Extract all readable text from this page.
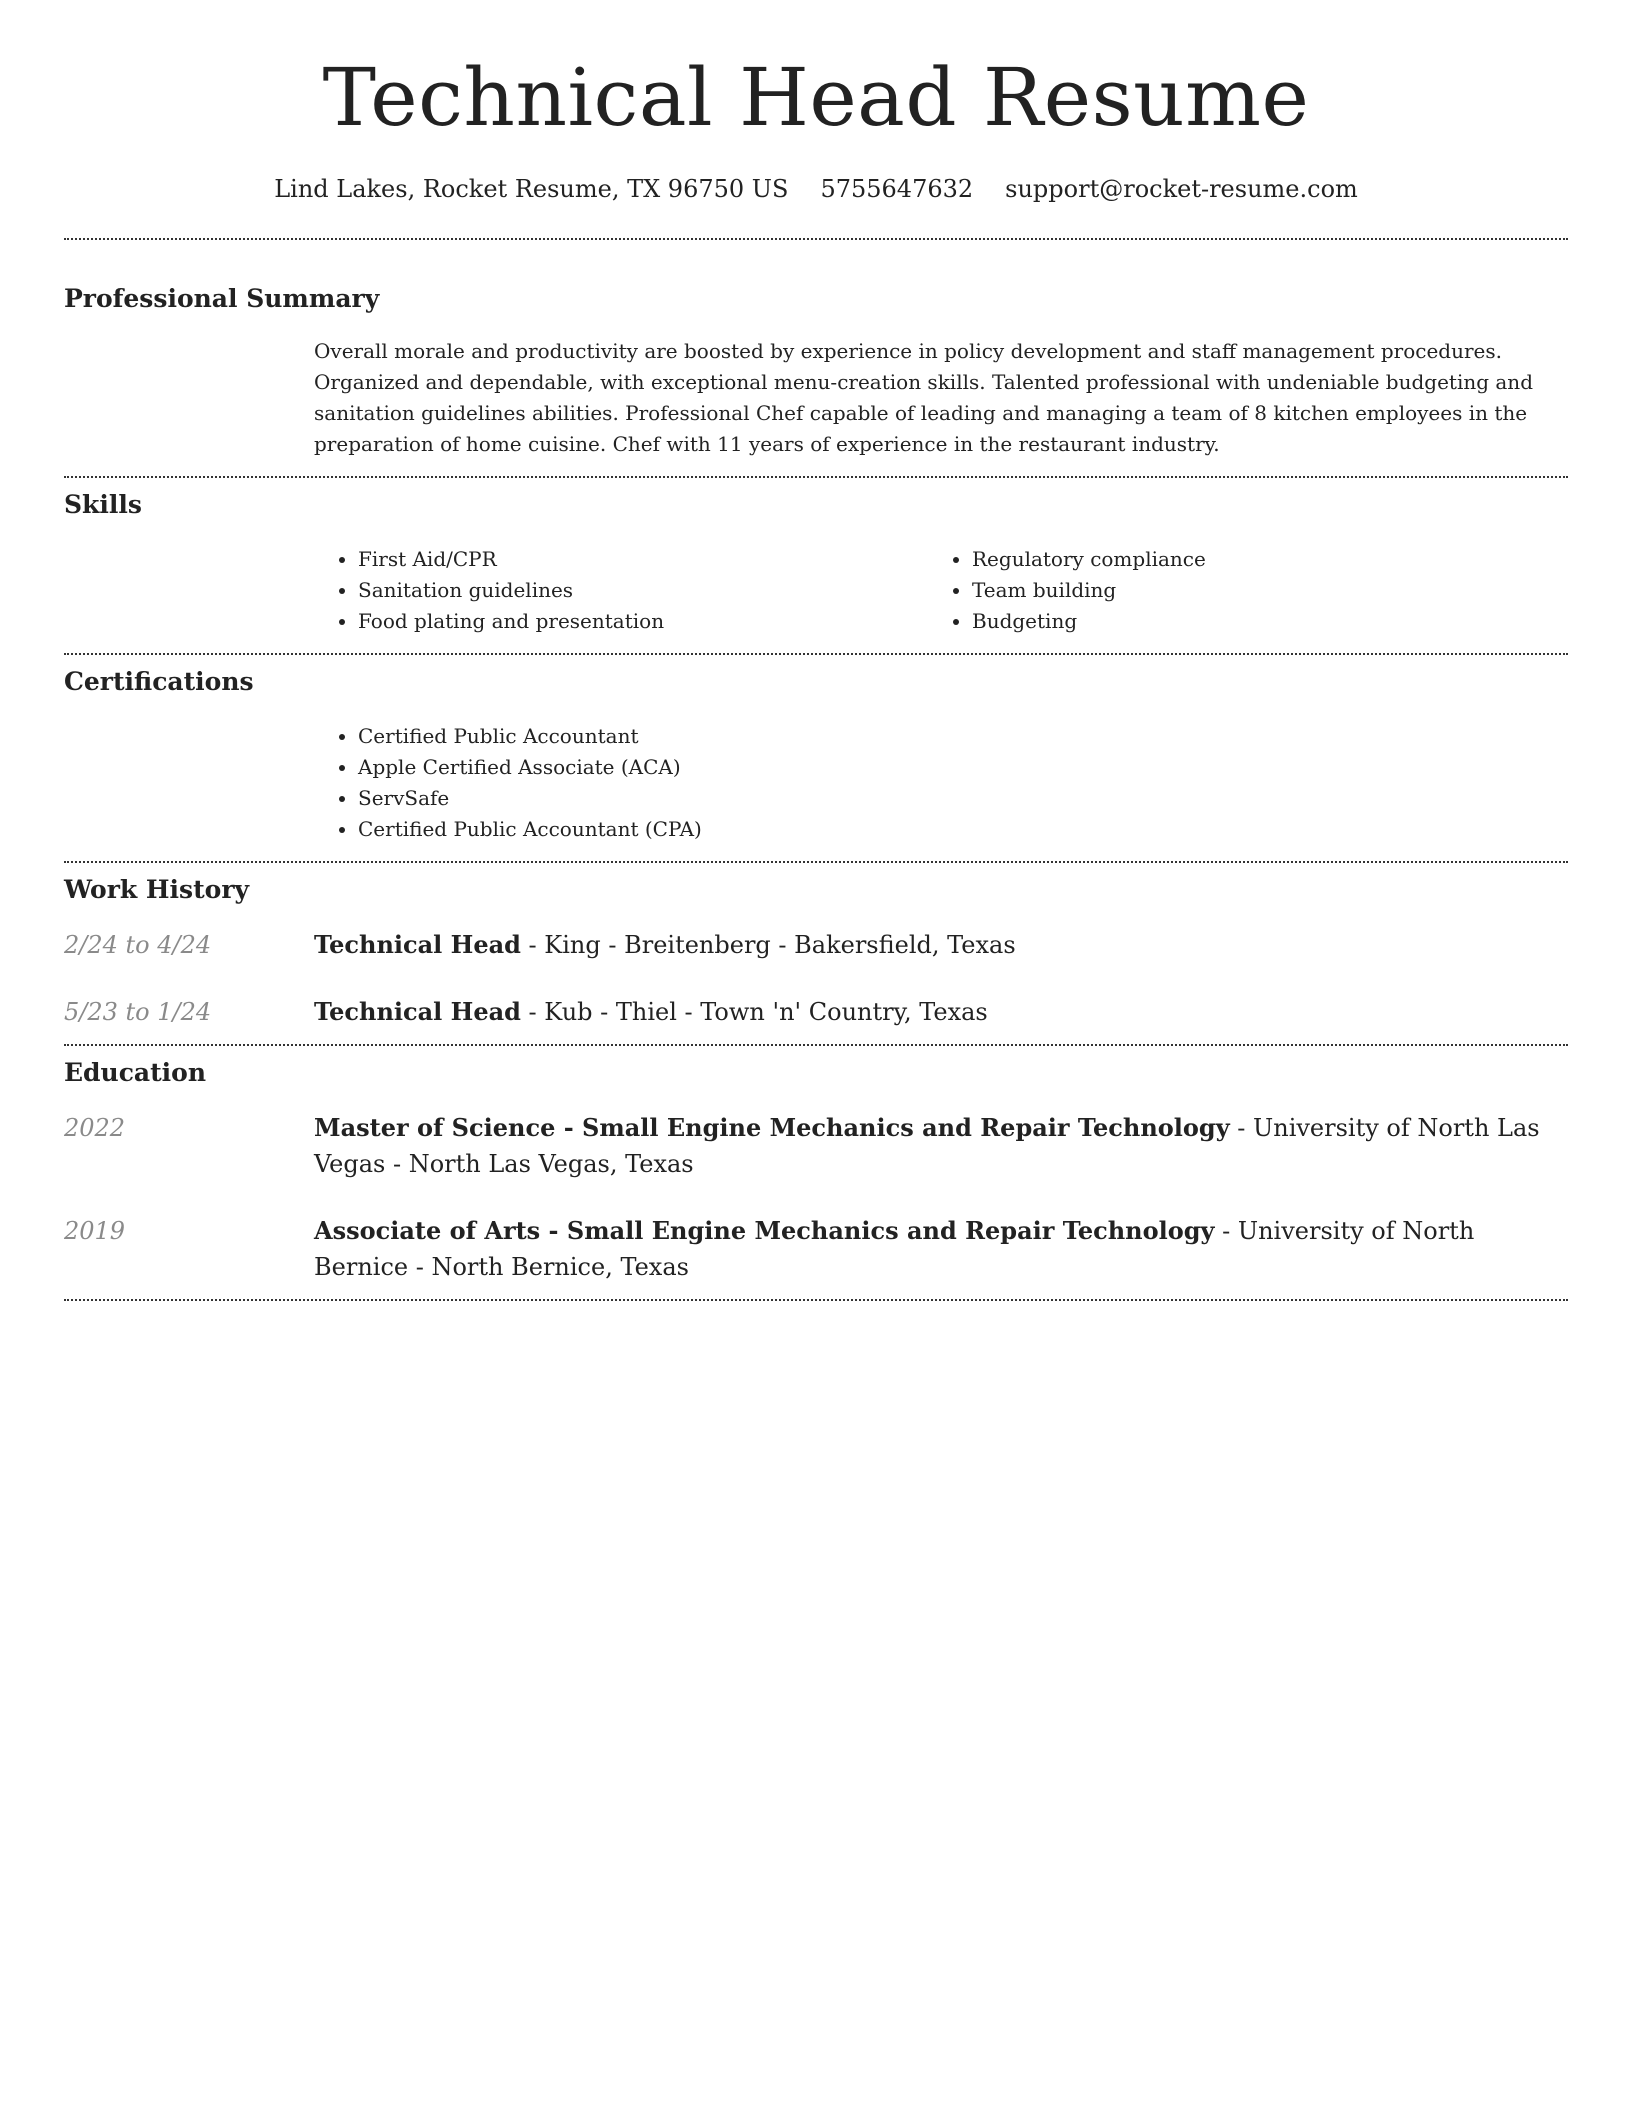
Technical Head Resume
Lind Lakes, Rocket Resume, TX 96750 US 5755647632 support@rocket-resume.com
Professional Summary
Overall morale and productivity are boosted by experience in policy development and staff management procedures. Organized and dependable, with exceptional menu-creation skills. Talented professional with undeniable budgeting and sanitation guidelines abilities. Professional Chef capable of leading and managing a team of 8 kitchen employees in the preparation of home cuisine. Chef with 11 years of experience in the restaurant industry.
Skills
• First Aid/CPR
• Sanitation guidelines
• Food plating and presentation
• Regulatory compliance
• Team building
• Budgeting
Certifications
• Certified Public Accountant
• Apple Certified Associate (ACA)
• ServSafe
• Certified Public Accountant (CPA)
Work History
2/24 to 4/24	Technical Head - King - Breitenberg - Bakersfield, Texas
5/23 to 1/24	Technical Head - Kub - Thiel - Town 'n' Country, Texas
Education
2022	Master of Science - Small Engine Mechanics and Repair Technology - University of North Las Vegas - North Las Vegas, Texas
2019	Associate of Arts - Small Engine Mechanics and Repair Technology - University of North Bernice - North Bernice, Texas
